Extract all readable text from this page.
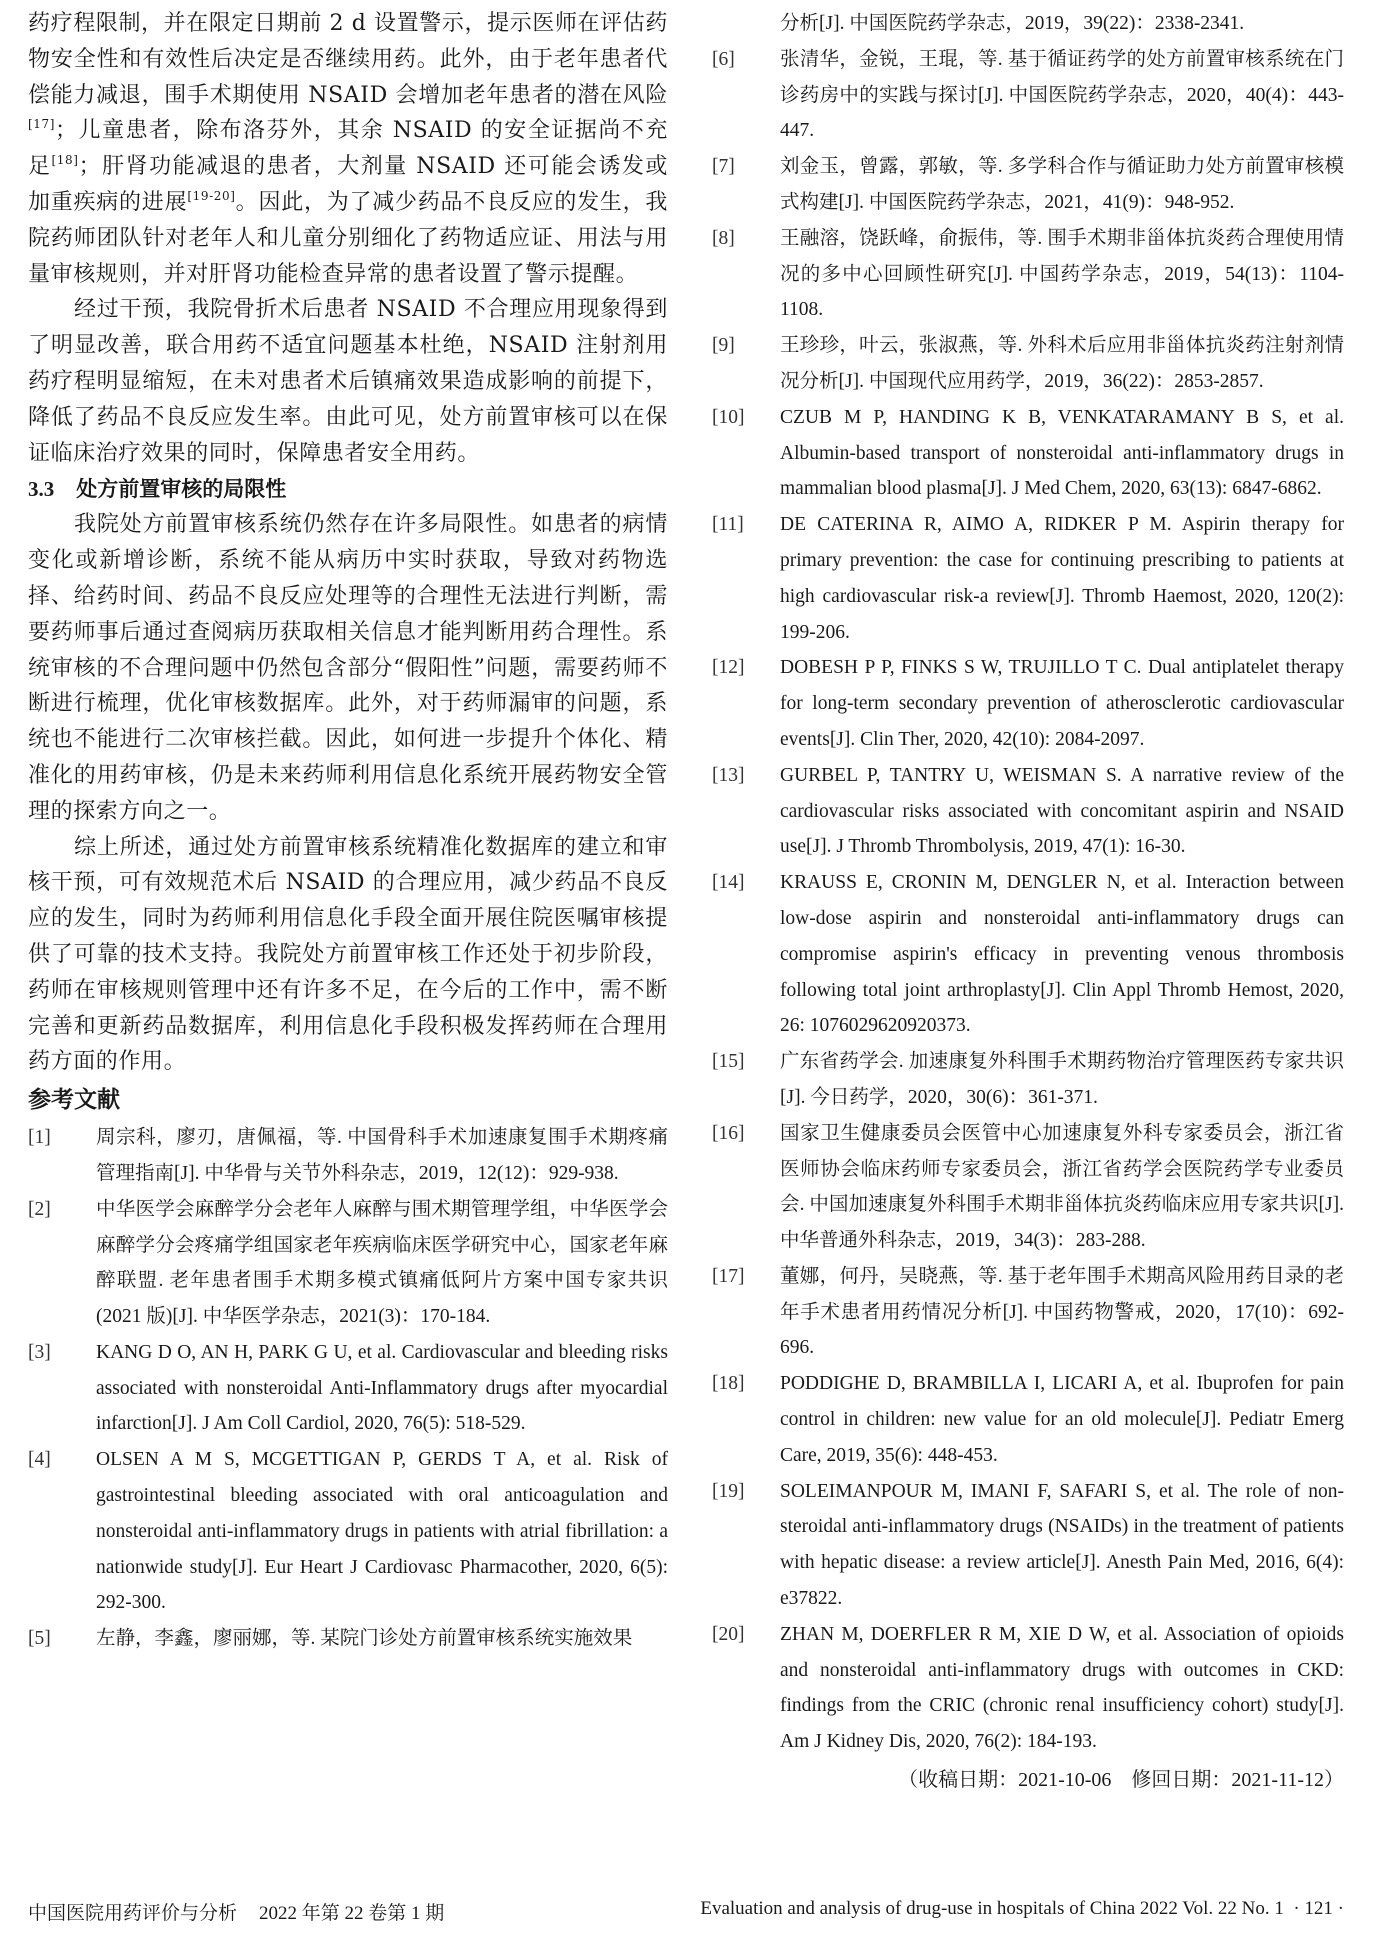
药疗程限制，并在限定日期前 2 d 设置警示，提示医师在评估药物安全性和有效性后决定是否继续用药。此外，由于老年患者代偿能力减退，围手术期使用 NSAID 会增加老年患者的潜在风险[17]；儿童患者，除布洛芬外，其余 NSAID 的安全证据尚不充足[18]；肝肾功能减退的患者，大剂量 NSAID 还可能会诱发或加重疾病的进展[19-20]。因此，为了减少药品不良反应的发生，我院药师团队针对老年人和儿童分别细化了药物适应证、用法与用量审核规则，并对肝肾功能检查异常的患者设置了警示提醒。

经过干预，我院骨折术后患者 NSAID 不合理应用现象得到了明显改善，联合用药不适宜问题基本杜绝，NSAID 注射剂用药疗程明显缩短，在未对患者术后镇痛效果造成影响的前提下，降低了药品不良反应发生率。由此可见，处方前置审核可以在保证临床治疗效果的同时，保障患者安全用药。

3.3 处方前置审核的局限性

我院处方前置审核系统仍然存在许多局限性。如患者的病情变化或新增诊断，系统不能从病历中实时获取，导致对药物选择、给药时间、药品不良反应处理等的合理性无法进行判断，需要药师事后通过查阅病历获取相关信息才能判断用药合理性。系统审核的不合理问题中仍然包含部分“假阳性”问题，需要药师不断进行梳理，优化审核数据库。此外，对于药师漏审的问题，系统也不能进行二次审核拦截。因此，如何进一步提升个体化、精准化的用药审核，仍是未来药师利用信息化系统开展药物安全管理的探索方向之一。

综上所述，通过处方前置审核系统精准化数据库的建立和审核干预，可有效规范术后 NSAID 的合理应用，减少药品不良反应的发生，同时为药师利用信息化手段全面开展住院医嘱审核提供了可靠的技术支持。我院处方前置审核工作还处于初步阶段，药师在审核规则管理中还有许多不足，在今后的工作中，需不断完善和更新药品数据库，利用信息化手段积极发挥药师在合理用药方面的作用。

参考文献
[1]	周宗科，廖刃，唐佩福，等. 中国骨科手术加速康复围手术期疼痛管理指南[J]. 中华骨与关节外科杂志，2019，12(12)：929-938.
[2]	中华医学会麻醉学分会老年人麻醉与围术期管理学组，中华医学会麻醉学分会疼痛学组国家老年疾病临床医学研究中心，国家老年麻醉联盟. 老年患者围手术期多模式镇痛低阿片方案中国专家共识(2021 版)[J]. 中华医学杂志，2021(3)：170-184.
[3]	KANG D O, AN H, PARK G U, et al. Cardiovascular and bleeding risks associated with nonsteroidal Anti-Inflammatory drugs after myocardial infarction[J]. J Am Coll Cardiol, 2020, 76(5): 518-529.
[4]	OLSEN A M S, MCGETTIGAN P, GERDS T A, et al. Risk of gastrointestinal bleeding associated with oral anticoagulation and nonsteroidal anti-inflammatory drugs in patients with atrial fibrillation: a nationwide study[J]. Eur Heart J Cardiovasc Pharmacother, 2020, 6(5): 292-300.
[5]	左静，李鑫，廖丽娜，等. 某院门诊处方前置审核系统实施效果
分析[J]. 中国医院药学杂志，2019，39(22)：2338-2341.
[6]	张清华，金锐，王琨，等. 基于循证药学的处方前置审核系统在门诊药房中的实践与探讨[J]. 中国医院药学杂志，2020，40(4)：443-447.
[7]	刘金玉，曾露，郭敏，等. 多学科合作与循证助力处方前置审核模式构建[J]. 中国医院药学杂志，2021，41(9)：948-952.
[8]	王融溶，饶跃峰，俞振伟，等. 围手术期非甾体抗炎药合理使用情况的多中心回顾性研究[J]. 中国药学杂志，2019，54(13)：1104-1108.
[9]	王珍珍，叶云，张淑燕，等. 外科术后应用非甾体抗炎药注射剂情况分析[J]. 中国现代应用药学，2019，36(22)：2853-2857.
[10]	CZUB M P, HANDING K B, VENKATARAMANY B S, et al. Albumin-based transport of nonsteroidal anti-inflammatory drugs in mammalian blood plasma[J]. J Med Chem, 2020, 63(13): 6847-6862.
[11]	DE CATERINA R, AIMO A, RIDKER P M. Aspirin therapy for primary prevention: the case for continuing prescribing to patients at high cardiovascular risk-a review[J]. Thromb Haemost, 2020, 120(2): 199-206.
[12]	DOBESH P P, FINKS S W, TRUJILLO T C. Dual antiplatelet therapy for long-term secondary prevention of atherosclerotic cardiovascular events[J]. Clin Ther, 2020, 42(10): 2084-2097.
[13]	GURBEL P, TANTRY U, WEISMAN S. A narrative review of the cardiovascular risks associated with concomitant aspirin and NSAID use[J]. J Thromb Thrombolysis, 2019, 47(1): 16-30.
[14]	KRAUSS E, CRONIN M, DENGLER N, et al. Interaction between low-dose aspirin and nonsteroidal anti-inflammatory drugs can compromise aspirin's efficacy in preventing venous thrombosis following total joint arthroplasty[J]. Clin Appl Thromb Hemost, 2020, 26: 1076029620920373.
[15]	广东省药学会. 加速康复外科围手术期药物治疗管理医药专家共识[J]. 今日药学，2020，30(6)：361-371.
[16]	国家卫生健康委员会医管中心加速康复外科专家委员会，浙江省医师协会临床药师专家委员会，浙江省药学会医院药学专业委员会. 中国加速康复外科围手术期非甾体抗炎药临床应用专家共识[J]. 中华普通外科杂志，2019，34(3)：283-288.
[17]	董娜，何丹，吴晓燕，等. 基于老年围手术期高风险用药目录的老年手术患者用药情况分析[J]. 中国药物警戒，2020，17(10)：692-696.
[18]	PODDIGHE D, BRAMBILLA I, LICARI A, et al. Ibuprofen for pain control in children: new value for an old molecule[J]. Pediatr Emerg Care, 2019, 35(6): 448-453.
[19]	SOLEIMANPOUR M, IMANI F, SAFARI S, et al. The role of non-steroidal anti-inflammatory drugs (NSAIDs) in the treatment of patients with hepatic disease: a review article[J]. Anesth Pain Med, 2016, 6(4): e37822.
[20]	ZHAN M, DOERFLER R M, XIE D W, et al. Association of opioids and nonsteroidal anti-inflammatory drugs with outcomes in CKD: findings from the CRIC (chronic renal insufficiency cohort) study[J]. Am J Kidney Dis, 2020, 76(2): 184-193.
（收稿日期：2021-10-06　修回日期：2021-11-12）
中国医院用药评价与分析 2022 年第 22 卷第 1 期	Evaluation and analysis of drug-use in hospitals of China 2022 Vol. 22 No. 1 · 121 ·
